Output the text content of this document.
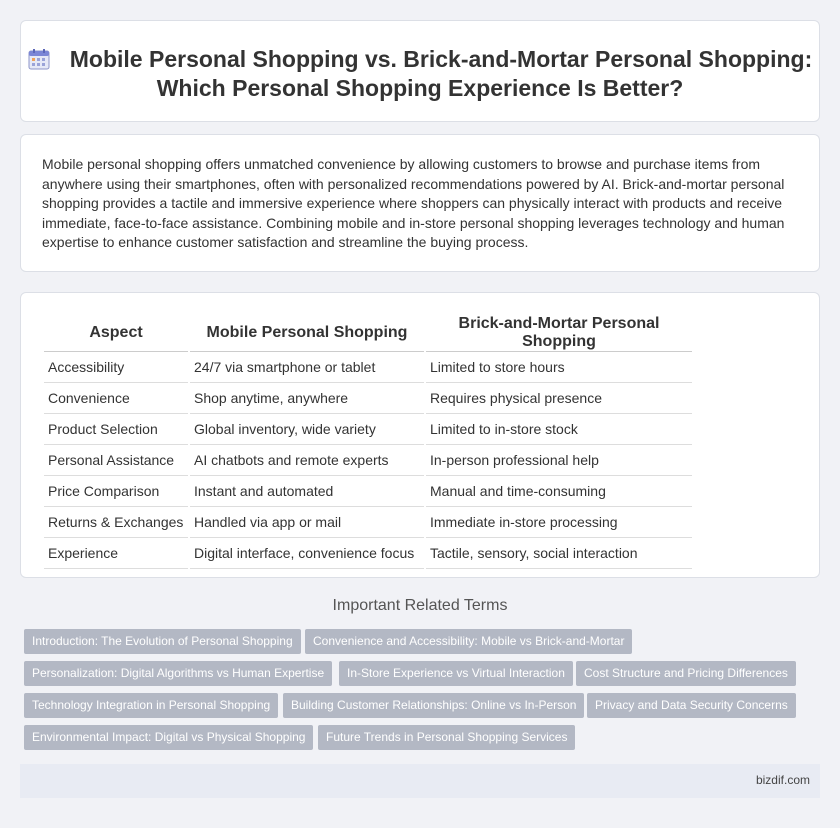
Mobile Personal Shopping vs. Brick-and-Mortar Personal Shopping: Which Personal Shopping Experience Is Better?

Mobile personal shopping offers unmatched convenience by allowing customers to browse and purchase items from anywhere using their smartphones, often with personalized recommendations powered by AI. Brick-and-mortar personal shopping provides a tactile and immersive experience where shoppers can physically interact with products and receive immediate, face-to-face assistance. Combining mobile and in-store personal shopping leverages technology and human expertise to enhance customer satisfaction and streamline the buying process.

Aspect	Mobile Personal Shopping	Brick-and-Mortar Personal Shopping
Accessibility	24/7 via smartphone or tablet	Limited to store hours
Convenience	Shop anytime, anywhere	Requires physical presence
Product Selection	Global inventory, wide variety	Limited to in-store stock
Personal Assistance	AI chatbots and remote experts	In-person professional help
Price Comparison	Instant and automated	Manual and time-consuming
Returns & Exchanges	Handled via app or mail	Immediate in-store processing
Experience	Digital interface, convenience focus	Tactile, sensory, social interaction
Important Related Terms
Introduction: The Evolution of Personal Shopping	Convenience and Accessibility: Mobile vs Brick-and-Mortar
Personalization: Digital Algorithms vs Human Expertise	In-Store Experience vs Virtual Interaction	Cost Structure and Pricing Differences
Technology Integration in Personal Shopping	Building Customer Relationships: Online vs In-Person	Privacy and Data Security Concerns
Environmental Impact: Digital vs Physical Shopping	Future Trends in Personal Shopping Services
bizdif.com
